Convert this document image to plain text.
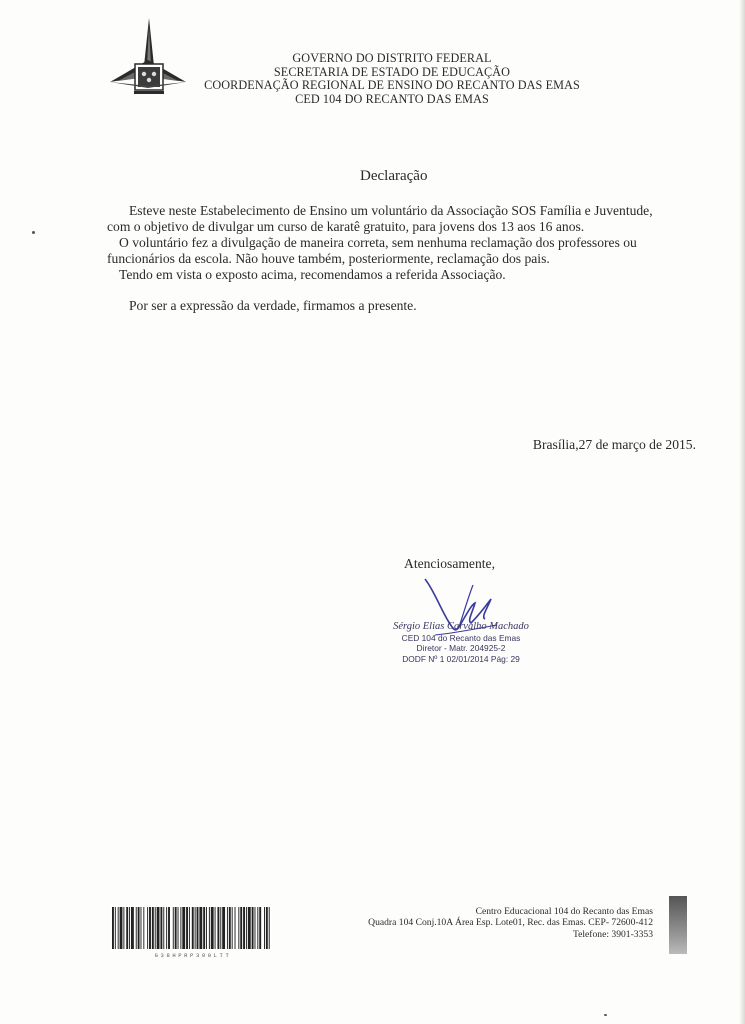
GOVERNO DO DISTRITO FEDERAL
SECRETARIA DE ESTADO DE EDUCAÇÃO
COORDENAÇÃO REGIONAL DE ENSINO DO RECANTO DAS EMAS
CED 104 DO RECANTO DAS EMAS
Declaração

Esteve neste Estabelecimento de Ensino um voluntário da Associação SOS Família e Juventude,

com o objetivo de divulgar um curso de karatê gratuito, para jovens dos 13 aos 16 anos.

O voluntário fez a divulgação de maneira correta, sem nenhuma reclamação dos professores ou

funcionários da escola. Não houve também, posteriormente, reclamação dos pais.

Tendo em vista o exposto acima, recomendamos a referida Associação.

Por ser a expressão da verdade, firmamos a presente.

Brasília,27 de março de 2015.
Atenciosamente,
Sérgio Elias Carvalho Machado
CED 104 do Recanto das Emas
Diretor - Matr. 204925-2
DODF Nº 1 02/01/2014 Pág: 29
G38HPRP300LTT
Centro Educacional 104 do Recanto das Emas
Quadra 104 Conj.10A Área Esp. Lote01, Rec. das Emas. CEP- 72600-412
Telefone: 3901-3353
